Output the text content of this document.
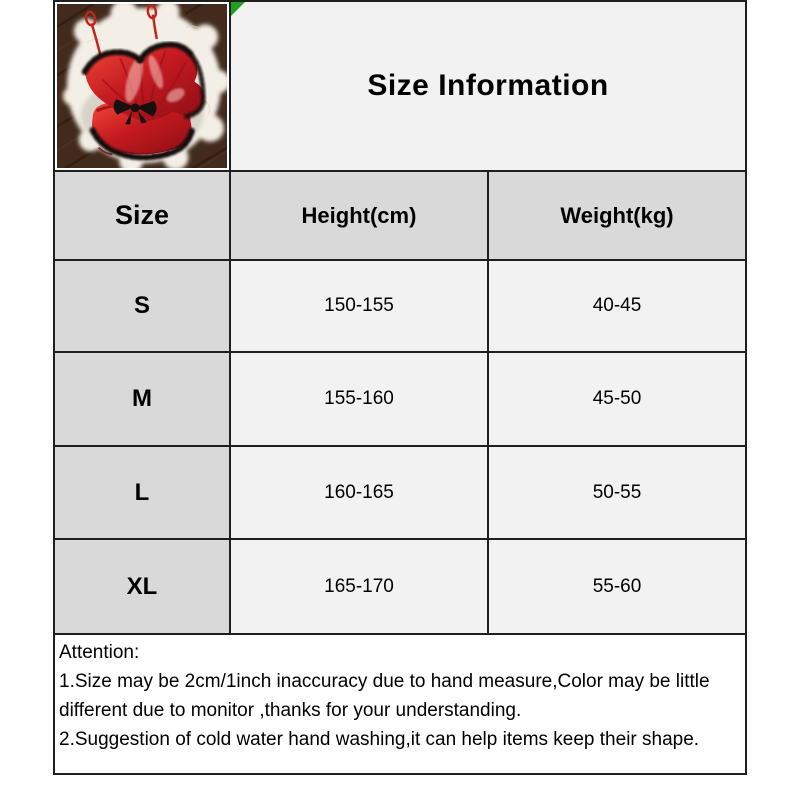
Size Information	
Size	Height(cm)	Weight(kg)
S	150-155	40-45
M	155-160	45-50
L	160-165	50-55
XL	165-170	55-60

Attention:
1.Size may be 2cm/1inch inaccuracy due to hand measure,Color may be little different due to monitor ,thanks for your understanding.
2.Suggestion of cold water hand washing,it can help items keep their shape.		
